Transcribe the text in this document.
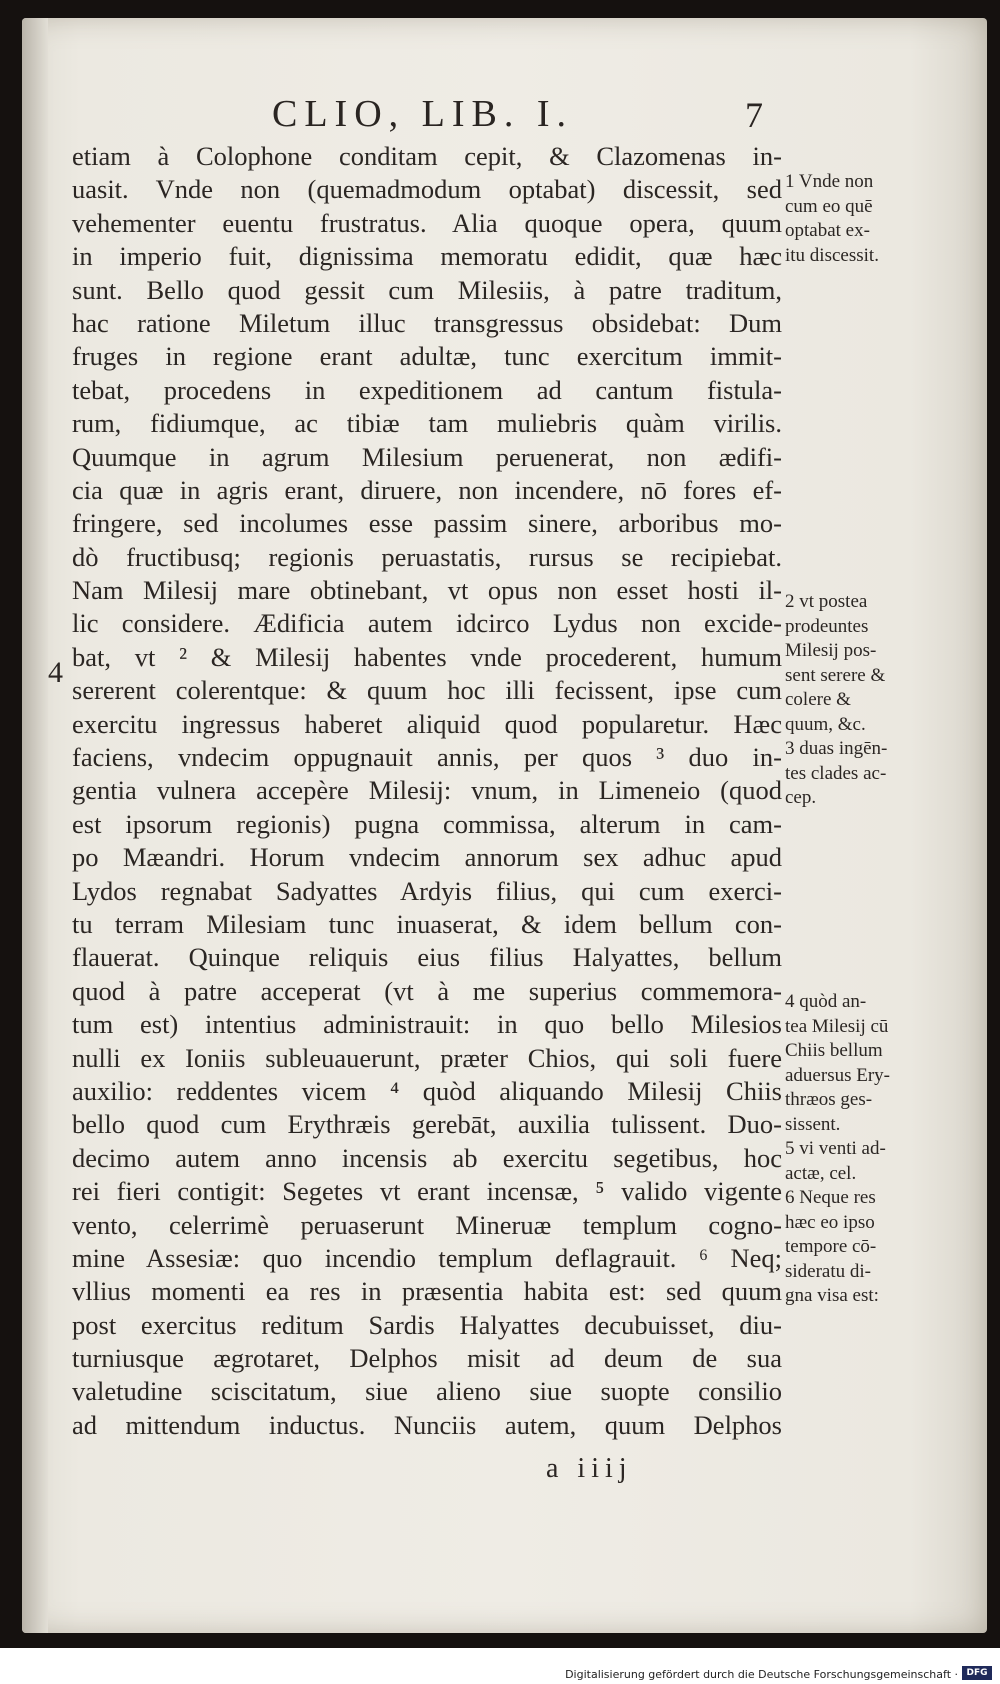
CLIO, LIB. I.	7
4
etiam à Colophone conditam cepit, & Clazomenas in-
uasit. Vnde non (quemadmodum optabat) discessit, sed
vehementer euentu frustratus. Alia quoque opera, quum
in imperio fuit, dignissima memoratu edidit, quæ hæc
sunt. Bello quod gessit cum Milesiis, à patre traditum,
hac ratione Miletum illuc transgressus obsidebat: Dum
fruges in regione erant adultæ, tunc exercitum immit-
tebat, procedens in expeditionem ad cantum fistula-
rum, fidiumque, ac tibiæ tam muliebris quàm virilis.
Quumque in agrum Milesium peruenerat, non ædifi-
cia quæ in agris erant, diruere, non incendere, nō fores ef-
fringere, sed incolumes esse passim sinere, arboribus mo-
dò fructibusq; regionis peruastatis, rursus se recipiebat.
Nam Milesij mare obtinebant, vt opus non esset hosti il-
lic considere. Ædificia autem idcirco Lydus non excide-
bat, vt ² & Milesij habentes vnde procederent, humum
sererent colerentque: & quum hoc illi fecissent, ipse cum
exercitu ingressus haberet aliquid quod popularetur. Hæc
faciens, vndecim oppugnauit annis, per quos ³ duo in-
gentia vulnera accepère Milesij: vnum, in Limeneio (quod
est ipsorum regionis) pugna commissa, alterum in cam-
po Mæandri. Horum vndecim annorum sex adhuc apud
Lydos regnabat Sadyattes Ardyis filius, qui cum exerci-
tu terram Milesiam tunc inuaserat, & idem bellum con-
flauerat. Quinque reliquis eius filius Halyattes, bellum
quod à patre acceperat (vt à me superius commemora-
tum est) intentius administrauit: in quo bello Milesios
nulli ex Ioniis subleuauerunt, præter Chios, qui soli fuere
auxilio: reddentes vicem ⁴ quòd aliquando Milesij Chiis
bello quod cum Erythræis gerebāt, auxilia tulissent. Duo-
decimo autem anno incensis ab exercitu segetibus, hoc
rei fieri contigit: Segetes vt erant incensæ, ⁵ valido vigente
vento, celerrimè peruaserunt Mineruæ templum cogno-
mine Assesiæ: quo incendio templum deflagrauit. ⁶ Neq;
vllius momenti ea res in præsentia habita est: sed quum
post exercitus reditum Sardis Halyattes decubuisset, diu-
turniusque ægrotaret, Delphos misit ad deum de sua
valetudine sciscitatum, siue alieno siue suopte consilio
ad mittendum inductus. Nunciis autem, quum Delphos
1 Vnde non
cum eo quē
optabat ex-
itu discessit.
2 vt postea
prodeuntes
Milesij pos-
sent serere &
colere &
quum, &c.
3 duas ingēn-
tes clades ac-
cep.
4 quòd an-
tea Milesij cū
Chiis bellum
aduersus Ery-
thræos ges-
sissent.
5 vi venti ad-
actæ, cel.
6 Neque res
hæc eo ipso
tempore cō-
sideratu di-
gna visa est:
a iiij
Digitalisierung gefördert durch die Deutsche Forschungsgemeinschaft · DFG
